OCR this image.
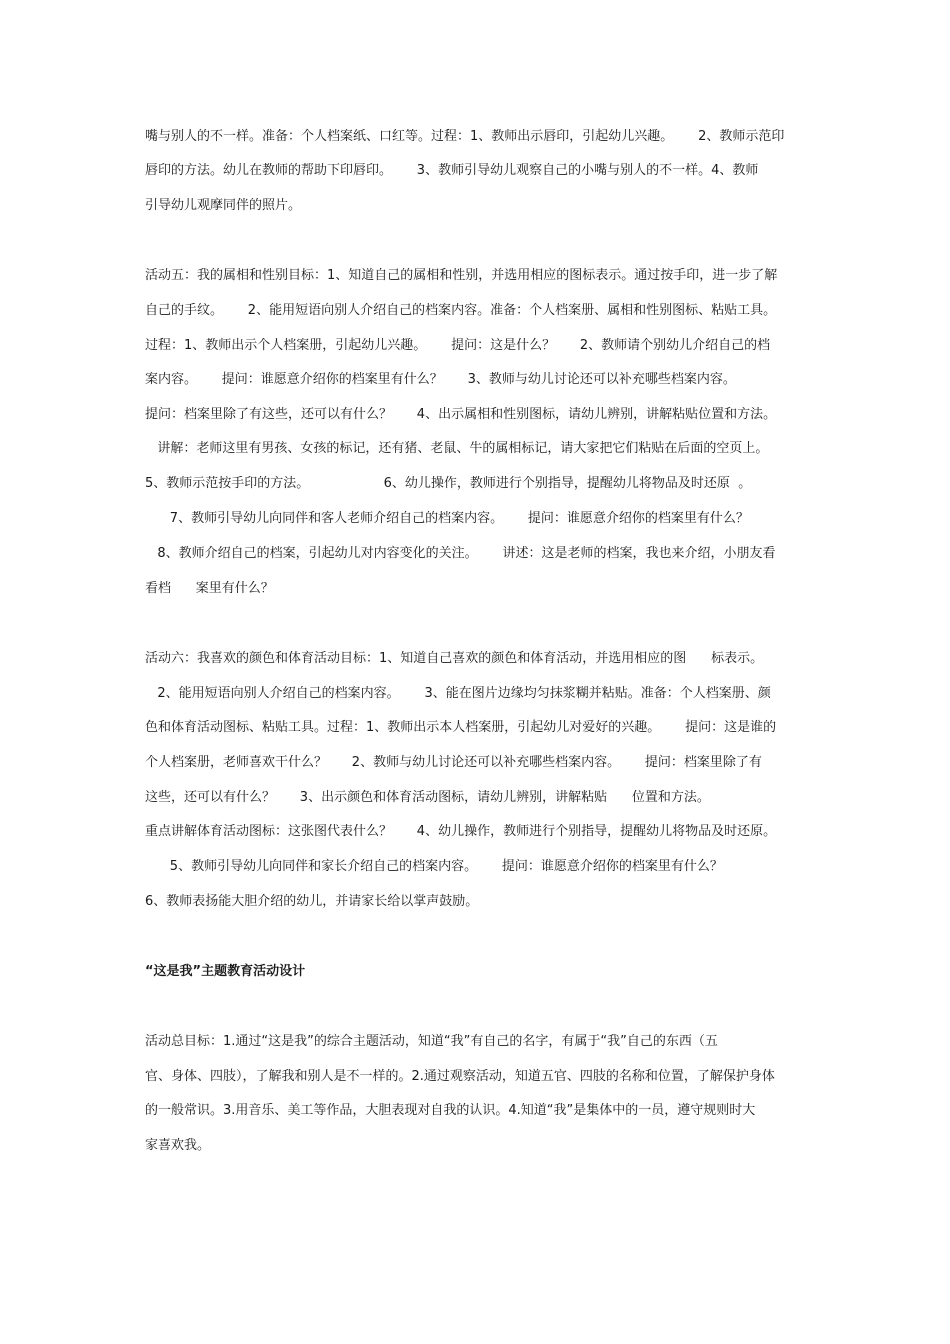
嘴与别人的不一样。准备：个人档案纸、口红等。过程：1、教师出示唇印，引起幼儿兴趣。      2、教师示范印
唇印的方法。幼儿在教师的帮助下印唇印。      3、教师引导幼儿观察自己的小嘴与别人的不一样。4、教师
引导幼儿观摩同伴的照片。
活动五：我的属相和性别目标：1、知道自己的属相和性别，并选用相应的图标表示。通过按手印，进一步了解
自己的手纹。      2、能用短语向别人介绍自己的档案内容。准备：个人档案册、属相和性别图标、粘贴工具。
过程：1、教师出示个人档案册，引起幼儿兴趣。      提问：这是什么？      2、教师请个别幼儿介绍自己的档
案内容。      提问：谁愿意介绍你的档案里有什么？      3、教师与幼儿讨论还可以补充哪些档案内容。
提问：档案里除了有这些，还可以有什么？      4、出示属相和性别图标，请幼儿辨别，讲解粘贴位置和方法。
讲解：老师这里有男孩、女孩的标记，还有猪、老鼠、牛的属相标记，请大家把它们粘贴在后面的空页上。
5、教师示范按手印的方法。                  6、幼儿操作，教师进行个别指导，提醒幼儿将物品及时还原  。
7、教师引导幼儿向同伴和客人老师介绍自己的档案内容。      提问：谁愿意介绍你的档案里有什么？
8、教师介绍自己的档案，引起幼儿对内容变化的关注。      讲述：这是老师的档案，我也来介绍，小朋友看
看档      案里有什么？
活动六：我喜欢的颜色和体育活动目标：1、知道自己喜欢的颜色和体育活动，并选用相应的图      标表示。
2、能用短语向别人介绍自己的档案内容。      3、能在图片边缘均匀抹浆糊并粘贴。准备：个人档案册、颜
色和体育活动图标、粘贴工具。过程：1、教师出示本人档案册，引起幼儿对爱好的兴趣。      提问：这是谁的
个人档案册，老师喜欢干什么？      2、教师与幼儿讨论还可以补充哪些档案内容。      提问：档案里除了有
这些，还可以有什么？      3、出示颜色和体育活动图标，请幼儿辨别，讲解粘贴      位置和方法。
重点讲解体育活动图标：这张图代表什么？      4、幼儿操作，教师进行个别指导，提醒幼儿将物品及时还原。
5、教师引导幼儿向同伴和家长介绍自己的档案内容。      提问：谁愿意介绍你的档案里有什么？
6、教师表扬能大胆介绍的幼儿，并请家长给以掌声鼓励。
“这是我”主题教育活动设计
活动总目标：1.通过“这是我”的综合主题活动，知道“我”有自己的名字，有属于“我”自己的东西（五
官、身体、四肢），了解我和别人是不一样的。2.通过观察活动，知道五官、四肢的名称和位置，了解保护身体
的一般常识。3.用音乐、美工等作品，大胆表现对自我的认识。4.知道“我”是集体中的一员，遵守规则时大
家喜欢我。
